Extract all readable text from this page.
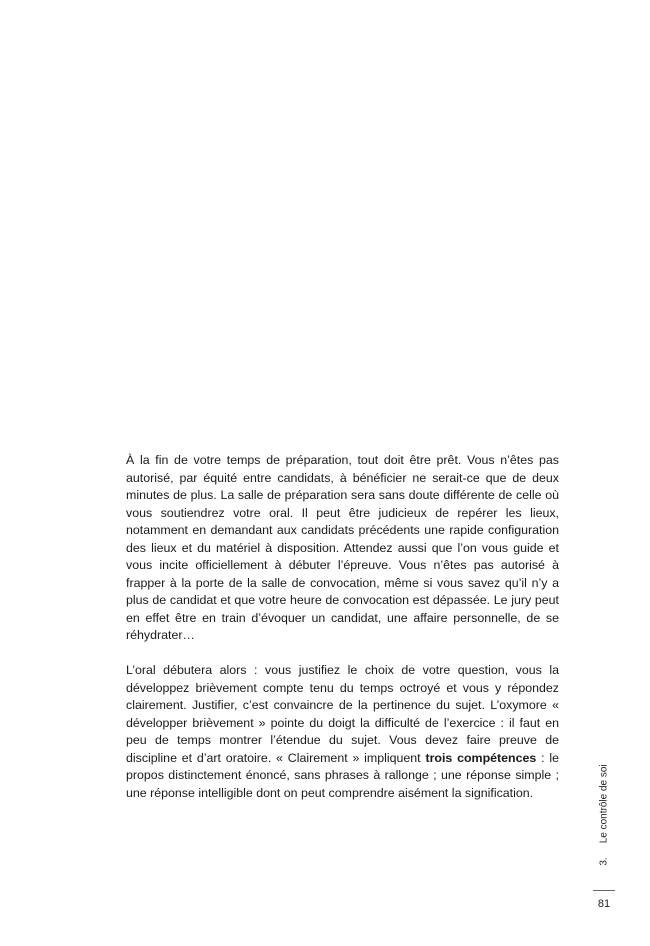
À la fin de votre temps de préparation, tout doit être prêt. Vous n’êtes pas autorisé, par équité entre candidats, à bénéficier ne serait-ce que de deux minutes de plus. La salle de préparation sera sans doute différente de celle où vous soutiendrez votre oral. Il peut être judicieux de repérer les lieux, notamment en demandant aux candidats précédents une rapide configuration des lieux et du matériel à disposition. Attendez aussi que l’on vous guide et vous incite officiellement à débuter l’épreuve. Vous n’êtes pas autorisé à frapper à la porte de la salle de convocation, même si vous savez qu’il n’y a plus de candidat et que votre heure de convocation est dépassée. Le jury peut en effet être en train d’évoquer un candidat, une affaire personnelle, de se réhydrater…

L’oral débutera alors : vous justifiez le choix de votre question, vous la développez brièvement compte tenu du temps octroyé et vous y répondez clairement. Justifier, c’est convaincre de la pertinence du sujet. L’oxymore « développer brièvement » pointe du doigt la difficulté de l’exercice : il faut en peu de temps montrer l’étendue du sujet. Vous devez faire preuve de discipline et d’art oratoire. « Clairement » impliquent trois compétences : le propos distinctement énoncé, sans phrases à rallonge ; une réponse simple ; une réponse intelligible dont on peut comprendre aisément la signification.

3.Le contrôle de soi
81
